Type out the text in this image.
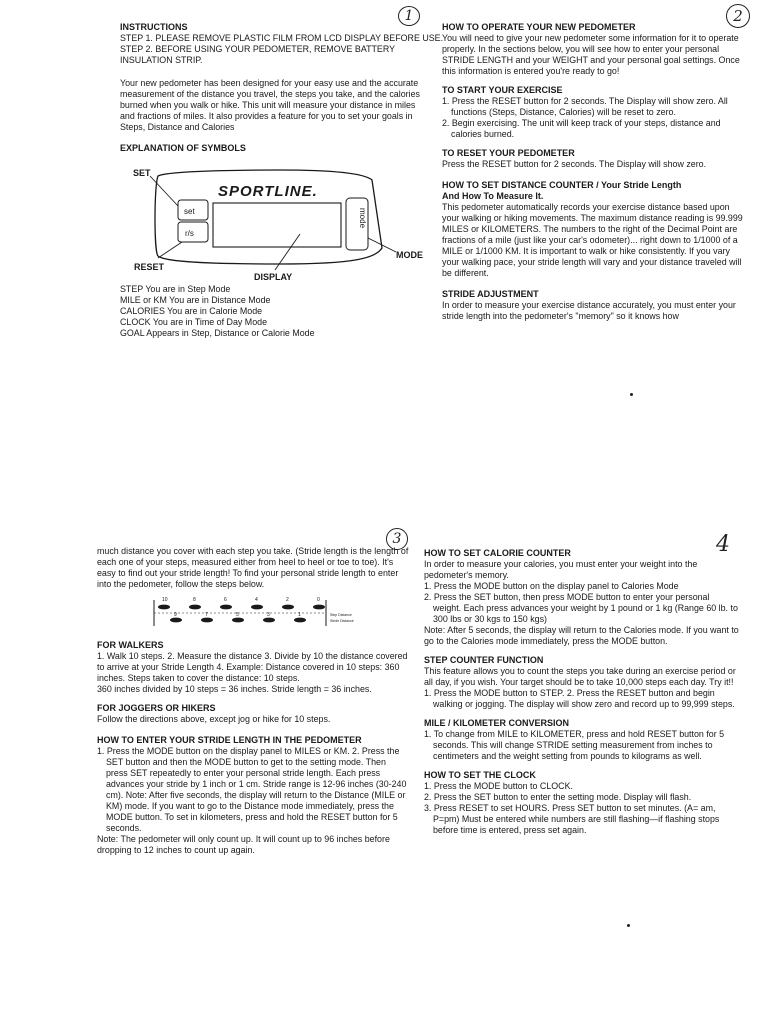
1	2
3	4

INSTRUCTIONS

STEP 1. PLEASE REMOVE PLASTIC FILM FROM LCD DISPLAY BEFORE USE.

STEP 2. BEFORE USING YOUR PEDOMETER, REMOVE BATTERY

INSULATION STRIP.

Your new pedometer has been designed for your easy use and the accurate measurement of the distance you travel, the steps you take, and the calories burned when you walk or hike. This unit will measure your distance in miles and fractions of miles. It also provides a feature for you to set your goals in Steps, Distance and Calories

EXPLANATION OF SYMBOLS

SET
SPORTLINE.
set
r/s
mode
RESET
DISPLAY
MODE

STEP You are in Step Mode

MILE or KM You are in Distance Mode

CALORIES You are in Calorie Mode

CLOCK You are in Time of Day Mode

GOAL Appears in Step, Distance or Calorie Mode

HOW TO OPERATE YOUR NEW PEDOMETER

You will need to give your new pedometer some information for it to operate properly. In the sections below, you will see how to enter your personal STRIDE LENGTH and your WEIGHT and your personal goal settings. Once this information is entered you're ready to go!

TO START YOUR EXERCISE

1. Press the RESET button for 2 seconds. The Display will show zero. All functions (Steps, Distance, Calories) will be reset to zero.

2. Begin exercising. The unit will keep track of your steps, distance and calories burned.

TO RESET YOUR PEDOMETER

Press the RESET button for 2 seconds. The Display will show zero.

HOW TO SET DISTANCE COUNTER / Your Stride Length

And How To Measure It.

This pedometer automatically records your exercise distance based upon your walking or hiking movements. The maximum distance reading is 99.999 MILES or KILOMETERS. The numbers to the right of the Decimal Point are fractions of a mile (just like your car's odometer)... right down to 1/1000 of a MILE or 1/1000 KM. It is important to walk or hike consistently. If you vary your walking pace, your stride length will vary and your distance traveled will be different.

STRIDE ADJUSTMENT

In order to measure your exercise distance accurately, you must enter your stride length into the pedometer's "memory" so it knows how

much distance you cover with each step you take. (Stride length is the length of each one of your steps, measured either from heel to heel or toe to toe). It's easy to find out your stride length! To find your personal stride length to enter into the pedometer, follow the steps below.

10	8	6	4	2	0
9	7	5	3	1	Step Distance
Stride Distance

FOR WALKERS

1. Walk 10 steps. 2. Measure the distance 3. Divide by 10 the distance covered to arrive at your Stride Length 4. Example: Distance covered in 10 steps: 360 inches. Steps taken to cover the distance: 10 steps.

360 inches divided by 10 steps = 36 inches. Stride length = 36 inches.

FOR JOGGERS OR HIKERS

Follow the directions above, except jog or hike for 10 steps.

HOW TO ENTER YOUR STRIDE LENGTH IN THE PEDOMETER

1. Press the MODE button on the display panel to MILES or KM. 2. Press the SET button and then the MODE button to get to the setting mode. Then press SET repeatedly to enter your personal stride length. Each press advances your stride by 1 inch or 1 cm. Stride range is 12-96 inches (30-240 cm). Note: After five seconds, the display will return to the Distance (MILE or KM) mode. If you want to go to the Distance mode immediately, press the MODE button. To set in kilometers, press and hold the RESET button for 5 seconds.

Note: The pedometer will only count up. It will count up to 96 inches before dropping to 12 inches to count up again.

HOW TO SET CALORIE COUNTER

In order to measure your calories, you must enter your weight into the pedometer's memory.

1. Press the MODE button on the display panel to Calories Mode

2. Press the SET button, then press MODE button to enter your personal weight. Each press advances your weight by 1 pound or 1 kg (Range 60 lb. to 300 lbs or 30 kgs to 150 kgs)

Note: After 5 seconds, the display will return to the Calories mode. If you want to go to the Calories mode immediately, press the MODE button.

STEP COUNTER FUNCTION

This feature allows you to count the steps you take during an exercise period or all day, if you wish. Your target should be to take 10,000 steps each day. Try it!!

1. Press the MODE button to STEP. 2. Press the RESET button and begin walking or jogging. The display will show zero and record up to 99,999 steps.

MILE / KILOMETER CONVERSION

1. To change from MILE to KILOMETER, press and hold RESET button for 5 seconds. This will change STRIDE setting measurement from inches to centimeters and the weight setting from pounds to kilograms as well.

HOW TO SET THE CLOCK

1. Press the MODE button to CLOCK.

2. Press the SET button to enter the setting mode. Display will flash.

3. Press RESET to set HOURS. Press SET button to set minutes. (A= am, P=pm) Must be entered while numbers are still flashing—if flashing stops before time is entered, press set again.
